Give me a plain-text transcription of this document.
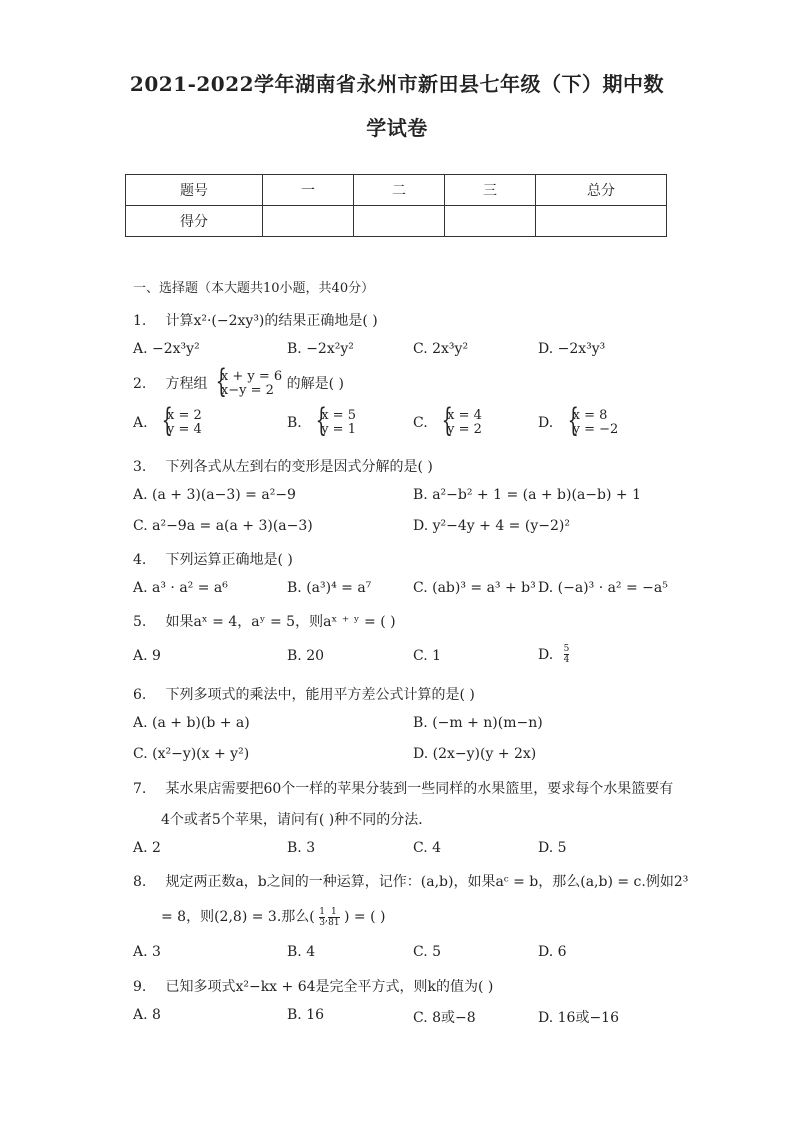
2021-2022学年湖南省永州市新田县七年级（下）期中数
学试卷
题号	一	二	三	总分
得分				
一、选择题（本大题共10小题，共40分）
1. 计算x²·(−2xy³)的结果正确地是( )
A. −2x³y²	B. −2x²y²	C. 2x³y²	D. −2x³y³
2. 方程组 { x + y = 6
x−y = 2 的解是( )
A. { x = 2
y = 4	B. { x = 5
y = 1	C. { x = 4
y = 2	D. { x = 8
y = −2
3. 下列各式从左到右的变形是因式分解的是( )
A. (a + 3)(a−3) = a²−9	B. a²−b² + 1 = (a + b)(a−b) + 1
C. a²−9a = a(a + 3)(a−3)	D. y²−4y + 4 = (y−2)²
4. 下列运算正确地是( )
A. a³ · a² = a⁶	B. (a³)⁴ = a⁷	C. (ab)³ = a³ + b³ D. (−a)³ · a² = −a⁵
5. 如果aˣ = 4，aʸ = 5，则aˣ ⁺ ʸ = ( )
A. 9	B. 20	C. 1	D. $\frac{5}{4}$
6. 下列多项式的乘法中，能用平方差公式计算的是( )
A. (a + b)(b + a)	B. (−m + n)(m−n)
C. (x²−y)(x + y²)	D. (2x−y)(y + 2x)
7. 某水果店需要把60个一样的苹果分装到一些同样的水果篮里，要求每个水果篮要有
4个或者5个苹果，请问有( )种不同的分法．
A. 2	B. 3	C. 4	D. 5
8. 规定两正数a，b之间的一种运算，记作：(a,b)，如果aᶜ = b，那么(a,b) = c.例如2³
= 8，则(2,8) = 3.那么( $\frac{1}{3}$ , $\frac{1}{81}$ ) = ( )
A. 3	B. 4	C. 5	D. 6
9. 已知多项式x²−kx + 64是完全平方式，则k的值为( )
A. 8	B. 16	C. 8或−8	D. 16或−16
